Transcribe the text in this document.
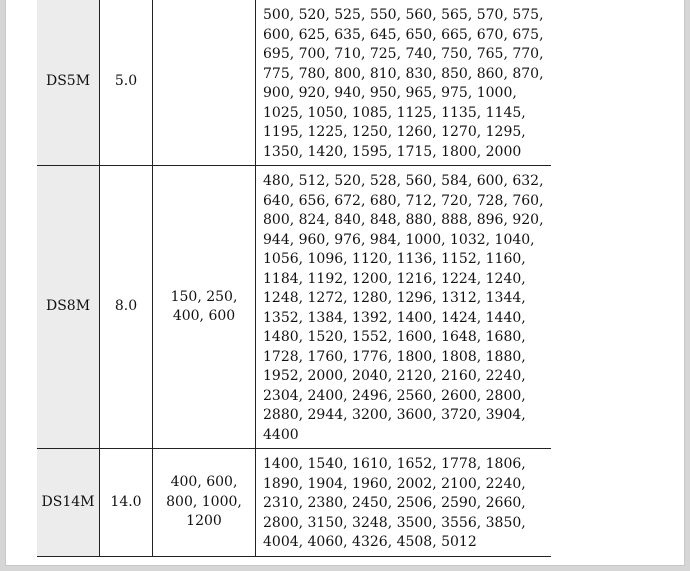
DS5M	5.0		500, 520, 525, 550, 560, 565, 570, 575, 600, 625, 635, 645, 650, 665, 670, 675, 695, 700, 710, 725, 740, 750, 765, 770, 775, 780, 800, 810, 830, 850, 860, 870, 900, 920, 940, 950, 965, 975, 1000, 1025, 1050, 1085, 1125, 1135, 1145, 1195, 1225, 1250, 1260, 1270, 1295, 1350, 1420, 1595, 1715, 1800, 2000
DS8M	8.0	150, 250, 400, 600	480, 512, 520, 528, 560, 584, 600, 632, 640, 656, 672, 680, 712, 720, 728, 760, 800, 824, 840, 848, 880, 888, 896, 920, 944, 960, 976, 984, 1000, 1032, 1040, 1056, 1096, 1120, 1136, 1152, 1160, 1184, 1192, 1200, 1216, 1224, 1240, 1248, 1272, 1280, 1296, 1312, 1344, 1352, 1384, 1392, 1400, 1424, 1440, 1480, 1520, 1552, 1600, 1648, 1680, 1728, 1760, 1776, 1800, 1808, 1880, 1952, 2000, 2040, 2120, 2160, 2240, 2304, 2400, 2496, 2560, 2600, 2800, 2880, 2944, 3200, 3600, 3720, 3904, 4400
DS14M	14.0	400, 600, 800, 1000, 1200	1400, 1540, 1610, 1652, 1778, 1806, 1890, 1904, 1960, 2002, 2100, 2240, 2310, 2380, 2450, 2506, 2590, 2660, 2800, 3150, 3248, 3500, 3556, 3850, 4004, 4060, 4326, 4508, 5012
